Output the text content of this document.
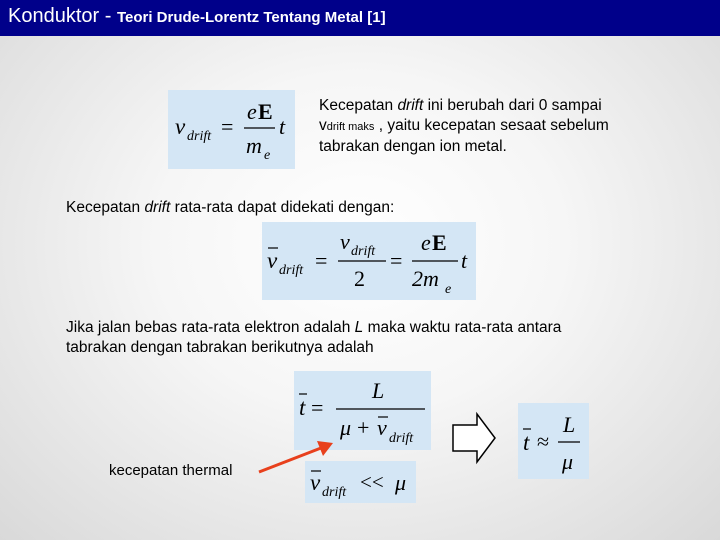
Konduktor - Teori Drude-Lorentz Tentang Metal [1]
v drift =
e E
m e
t
Kecepatan drift ini berubah dari 0 sampai
vdrift maks , yaitu kecepatan sesaat sebelum
tabrakan dengan ion metal.
Kecepatan drift rata-rata dapat didekati dengan:
v drift =
v drift
2
=
e E
2m e
t
Jika jalan bebas rata-rata elektron adalah L maka waktu rata-rata antara
tabrakan dengan tabrakan berikutnya adalah
t =
L
μ + v drift	t ≈
L
μ
v drift << μ
kecepatan thermal
